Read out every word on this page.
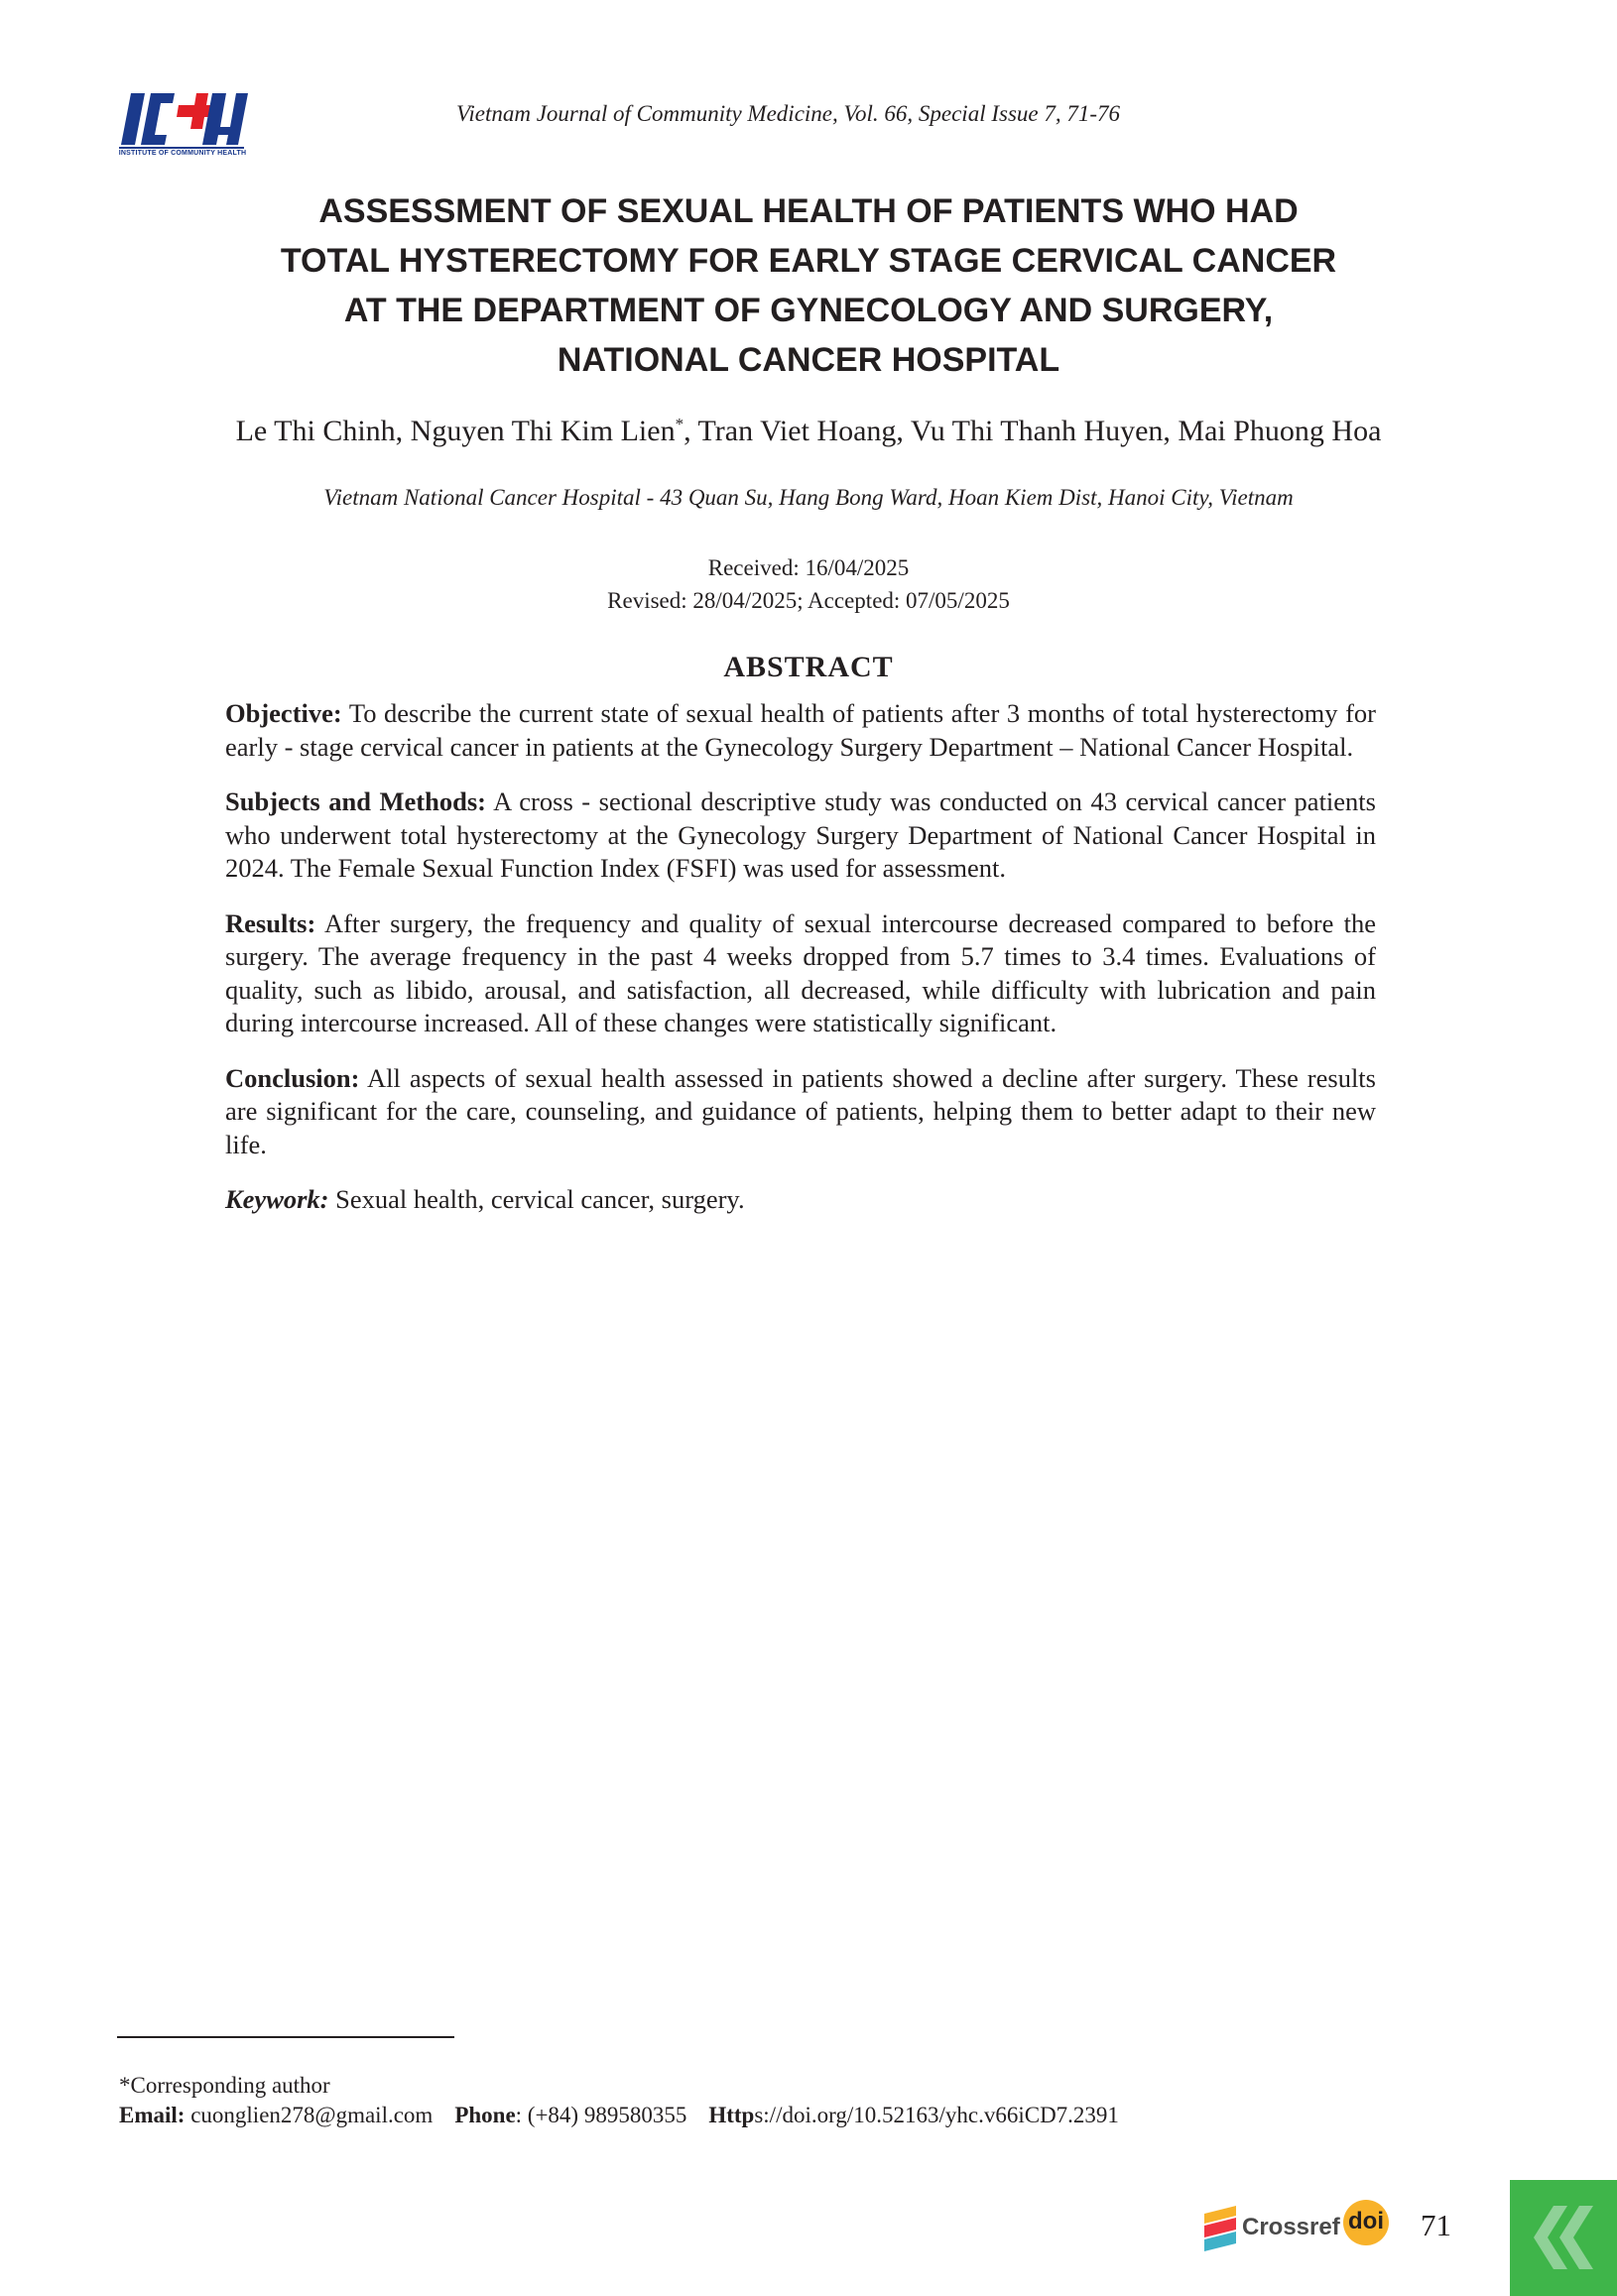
INSTITUTE OF COMMUNITY HEALTH
Vietnam Journal of Community Medicine, Vol. 66, Special Issue 7, 71-76
ASSESSMENT OF SEXUAL HEALTH OF PATIENTS WHO HAD
TOTAL HYSTERECTOMY FOR EARLY STAGE CERVICAL CANCER
AT THE DEPARTMENT OF GYNECOLOGY AND SURGERY,
NATIONAL CANCER HOSPITAL
Le Thi Chinh, Nguyen Thi Kim Lien*, Tran Viet Hoang, Vu Thi Thanh Huyen, Mai Phuong Hoa
Vietnam National Cancer Hospital - 43 Quan Su, Hang Bong Ward, Hoan Kiem Dist, Hanoi City, Vietnam
Received: 16/04/2025
Revised: 28/04/2025; Accepted: 07/05/2025
ABSTRACT

Objective: To describe the current state of sexual health of patients after 3 months of total hysterectomy for early - stage cervical cancer in patients at the Gynecology Surgery Department – National Cancer Hospital.

Subjects and Methods: A cross - sectional descriptive study was conducted on 43 cervical cancer patients who underwent total hysterectomy at the Gynecology Surgery Department of National Cancer Hospital in 2024. The Female Sexual Function Index (FSFI) was used for assessment.

Results: After surgery, the frequency and quality of sexual intercourse decreased compared to before the surgery. The average frequency in the past 4 weeks dropped from 5.7 times to 3.4 times. Evaluations of quality, such as libido, arousal, and satisfaction, all decreased, while difficulty with lubrication and pain during intercourse increased. All of these changes were statistically significant.

Conclusion: All aspects of sexual health assessed in patients showed a decline after surgery. These results are significant for the care, counseling, and guidance of patients, helping them to better adapt to their new life.

Keywork: Sexual health, cervical cancer, surgery.

*Corresponding author
Email: cuonglien278@gmail.com Phone: (+84) 989580355 Https://doi.org/10.52163/yhc.v66iCD7.2391
Crossref doi 71
